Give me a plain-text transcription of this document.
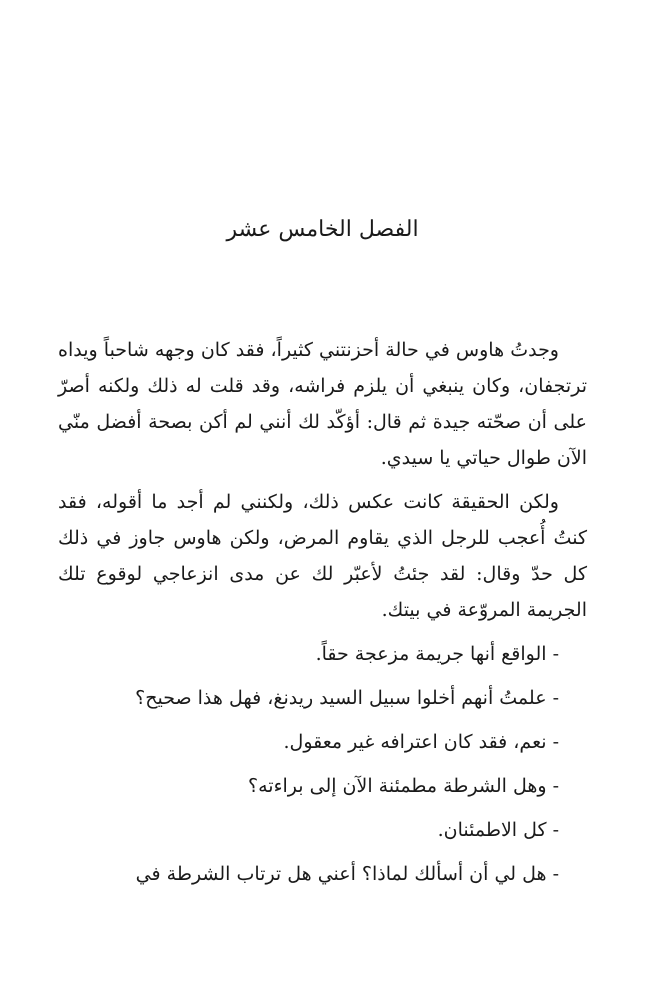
الفصل الخامس عشر

وجدتُ هاوس في حالة أحزنتني كثيراً، فقد كان وجهه شاحباً ويداه ترتجفان، وكان ينبغي أن يلزم فراشه، وقد قلت له ذلك ولكنه أصرّ على أن صحّته جيدة ثم قال: أؤكّد لك أنني لم أكن بصحة أفضل منّي الآن طوال حياتي يا سيدي.

ولكن الحقيقة كانت عكس ذلك، ولكنني لم أجد ما أقوله، فقد كنتُ أُعجب للرجل الذي يقاوم المرض، ولكن هاوس جاوز في ذلك كل حدّ وقال: لقد جئتُ لأعبّر لك عن مدى انزعاجي لوقوع تلك الجريمة المروّعة في بيتك.

- الواقع أنها جريمة مزعجة حقاً.

- علمتُ أنهم أخلوا سبيل السيد ريدنغ، فهل هذا صحيح؟

- نعم، فقد كان اعترافه غير معقول.

- وهل الشرطة مطمئنة الآن إلى براءته؟

- كل الاطمئنان.

- هل لي أن أسألك لماذا؟ أعني هل ترتاب الشرطة في
